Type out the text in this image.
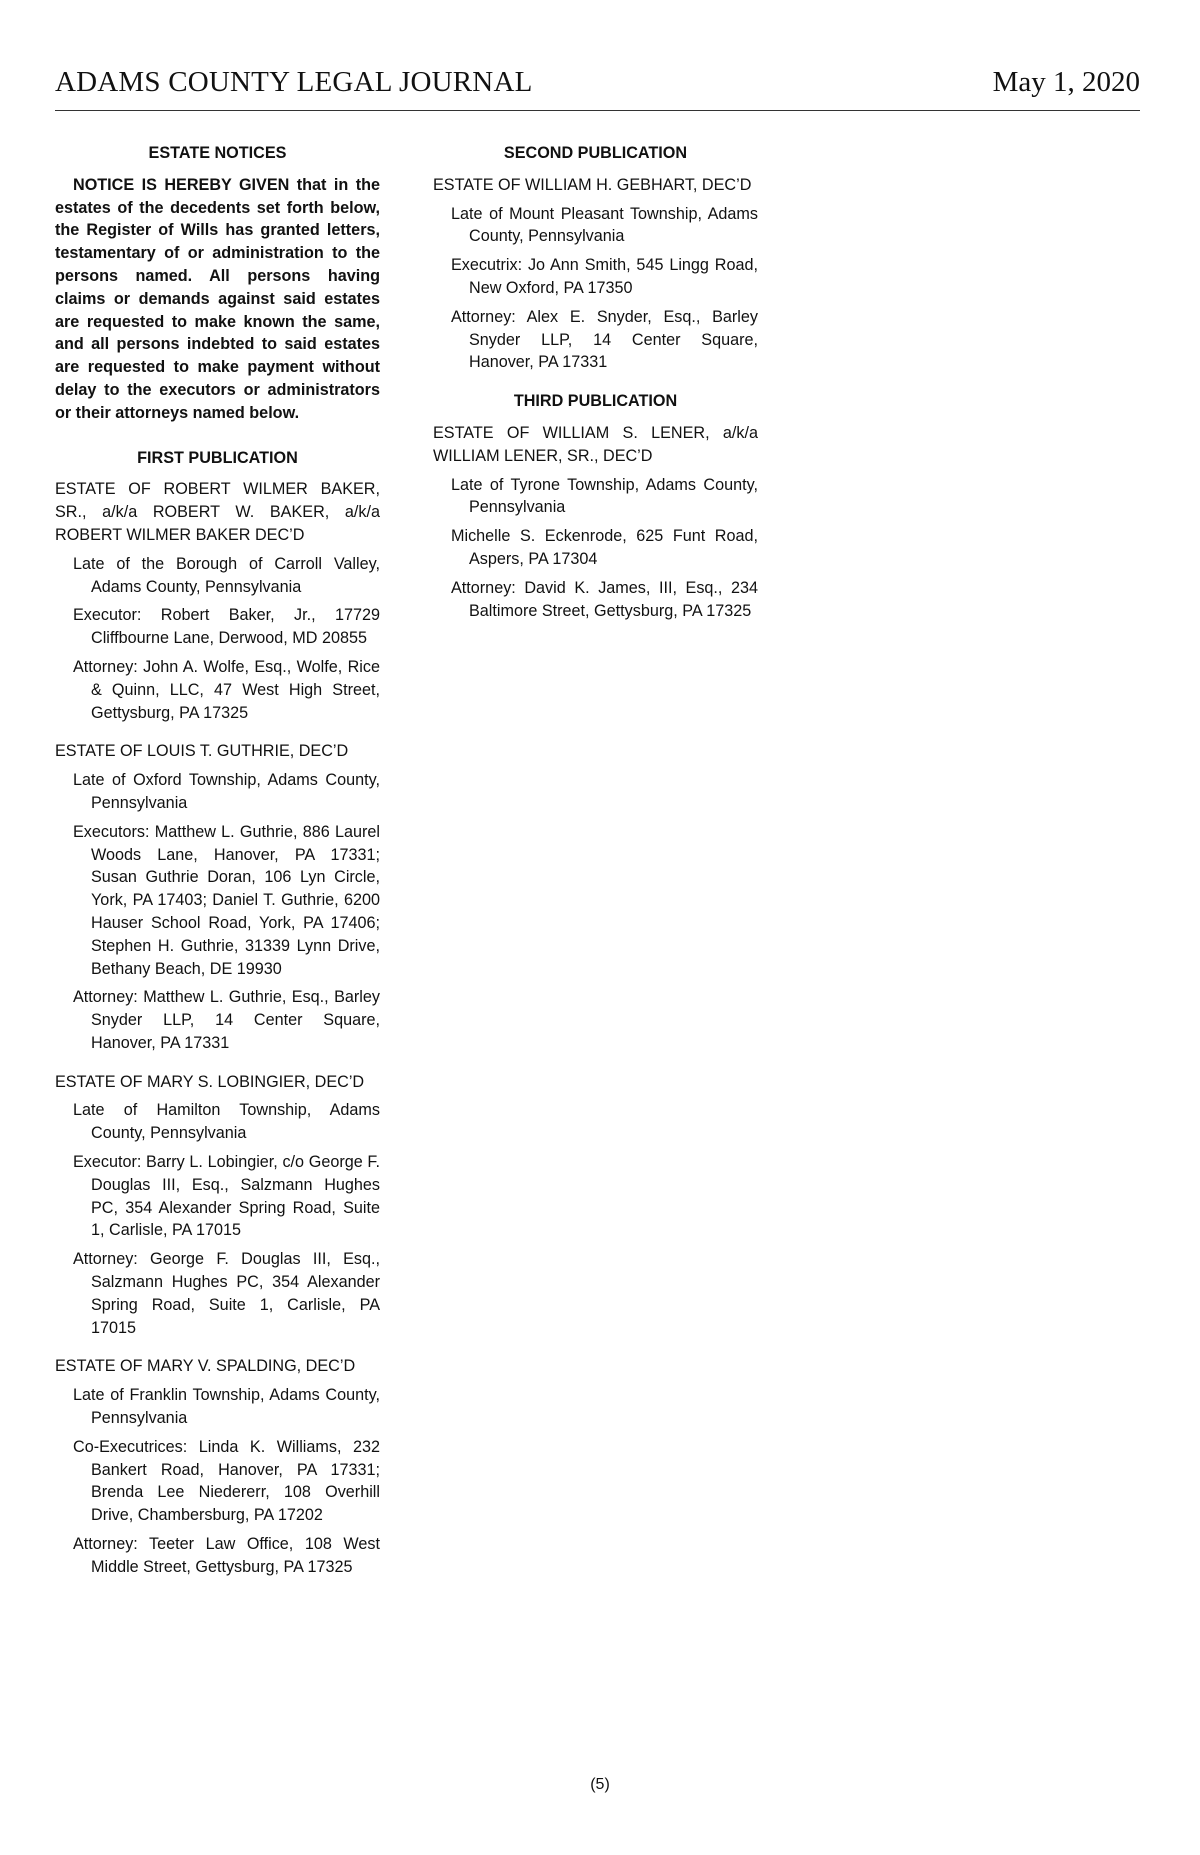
ADAMS COUNTY LEGAL JOURNAL	May 1, 2020
ESTATE NOTICES
NOTICE IS HEREBY GIVEN that in the estates of the decedents set forth below, the Register of Wills has granted letters, testamentary of or administration to the persons named. All persons having claims or demands against said estates are requested to make known the same, and all persons indebted to said estates are requested to make payment without delay to the executors or administrators or their attorneys named below.
FIRST PUBLICATION
ESTATE OF ROBERT WILMER BAKER, SR., a/k/a ROBERT W. BAKER, a/k/a ROBERT WILMER BAKER DEC’D
Late of the Borough of Carroll Valley, Adams County, Pennsylvania
Executor: Robert Baker, Jr., 17729 Cliffbourne Lane, Derwood, MD 20855
Attorney: John A. Wolfe, Esq., Wolfe, Rice & Quinn, LLC, 47 West High Street, Gettysburg, PA 17325
ESTATE OF LOUIS T. GUTHRIE, DEC’D
Late of Oxford Township, Adams County, Pennsylvania
Executors: Matthew L. Guthrie, 886 Laurel Woods Lane, Hanover, PA 17331; Susan Guthrie Doran, 106 Lyn Circle, York, PA 17403; Daniel T. Guthrie, 6200 Hauser School Road, York, PA 17406; Stephen H. Guthrie, 31339 Lynn Drive, Bethany Beach, DE 19930
Attorney: Matthew L. Guthrie, Esq., Barley Snyder LLP, 14 Center Square, Hanover, PA 17331
ESTATE OF MARY S. LOBINGIER, DEC’D
Late of Hamilton Township, Adams County, Pennsylvania
Executor: Barry L. Lobingier, c/o George F. Douglas III, Esq., Salzmann Hughes PC, 354 Alexander Spring Road, Suite 1, Carlisle, PA 17015
Attorney: George F. Douglas III, Esq., Salzmann Hughes PC, 354 Alexander Spring Road, Suite 1, Carlisle, PA 17015
ESTATE OF MARY V. SPALDING, DEC’D
Late of Franklin Township, Adams County, Pennsylvania
Co-Executrices: Linda K. Williams, 232 Bankert Road, Hanover, PA 17331; Brenda Lee Niedererr, 108 Overhill Drive, Chambersburg, PA 17202
Attorney: Teeter Law Office, 108 West Middle Street, Gettysburg, PA 17325
SECOND PUBLICATION
ESTATE OF WILLIAM H. GEBHART, DEC’D
Late of Mount Pleasant Township, Adams County, Pennsylvania
Executrix: Jo Ann Smith, 545 Lingg Road, New Oxford, PA 17350
Attorney: Alex E. Snyder, Esq., Barley Snyder LLP, 14 Center Square, Hanover, PA 17331
THIRD PUBLICATION
ESTATE OF WILLIAM S. LENER, a/k/a WILLIAM LENER, SR., DEC’D
Late of Tyrone Township, Adams County, Pennsylvania
Michelle S. Eckenrode, 625 Funt Road, Aspers, PA 17304
Attorney: David K. James, III, Esq., 234 Baltimore Street, Gettysburg, PA 17325
(5)
